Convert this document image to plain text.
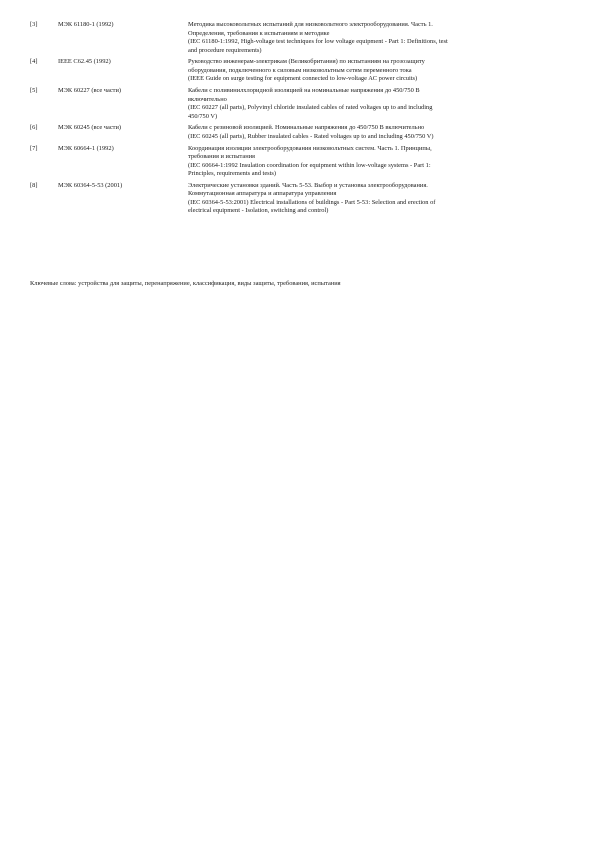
[3]	МЭК 61180-1 (1992)	Методика высоковольтных испытаний для низковольтного электрооборудования. Часть 1.
Определения, требования к испытаниям и методике
(IEC 61180-1:1992, High-voltage test techniques for low voltage equipment - Part 1: Definitions, test
and procedure requirements)
[4]	IEEE C62.45 (1992)	Руководство инженерам-электрикам (Великобритания) по испытаниям на грозозащиту
оборудования, подключенного к силовым низковольтным сетям переменного тока
(IEEE Guide on surge testing for equipment connected to low-voltage AC power circuits)
[5]	МЭК 60227 (все части)	Кабели с поливинилхлоридной изоляцией на номинальные напряжения до 450/750 В
включительно
(IEC 60227 (all parts), Polyvinyl chloride insulated cables of rated voltages up to and including
450/750 V)
[6]	МЭК 60245 (все части)	Кабели с резиновой изоляцией. Номинальные напряжения до 450/750 В включительно
(IEC 60245 (all parts), Rubber insulated cables - Rated voltages up to and including 450/750 V)
[7]	МЭК 60664-1 (1992)	Координация изоляции электрооборудования низковольтных систем. Часть 1. Принципы,
требования и испытания
(IEC 60664-1:1992 Insulation coordination for equipment within low-voltage systems - Part 1:
Principles, requirements and tests)
[8]	МЭК 60364-5-53 (2001)	Электрические установки зданий. Часть 5-53. Выбор и установка электрооборудования.
Коммутационная аппаратура и аппаратура управления
(IEC 60364-5-53:2001) Electrical installations of buildings - Part 5-53: Selection and erection of
electrical equipment - Isolation, switching and control)
Ключевые слова: устройства для защиты, перенапряжение, классификация, виды защиты, требования, испытания
